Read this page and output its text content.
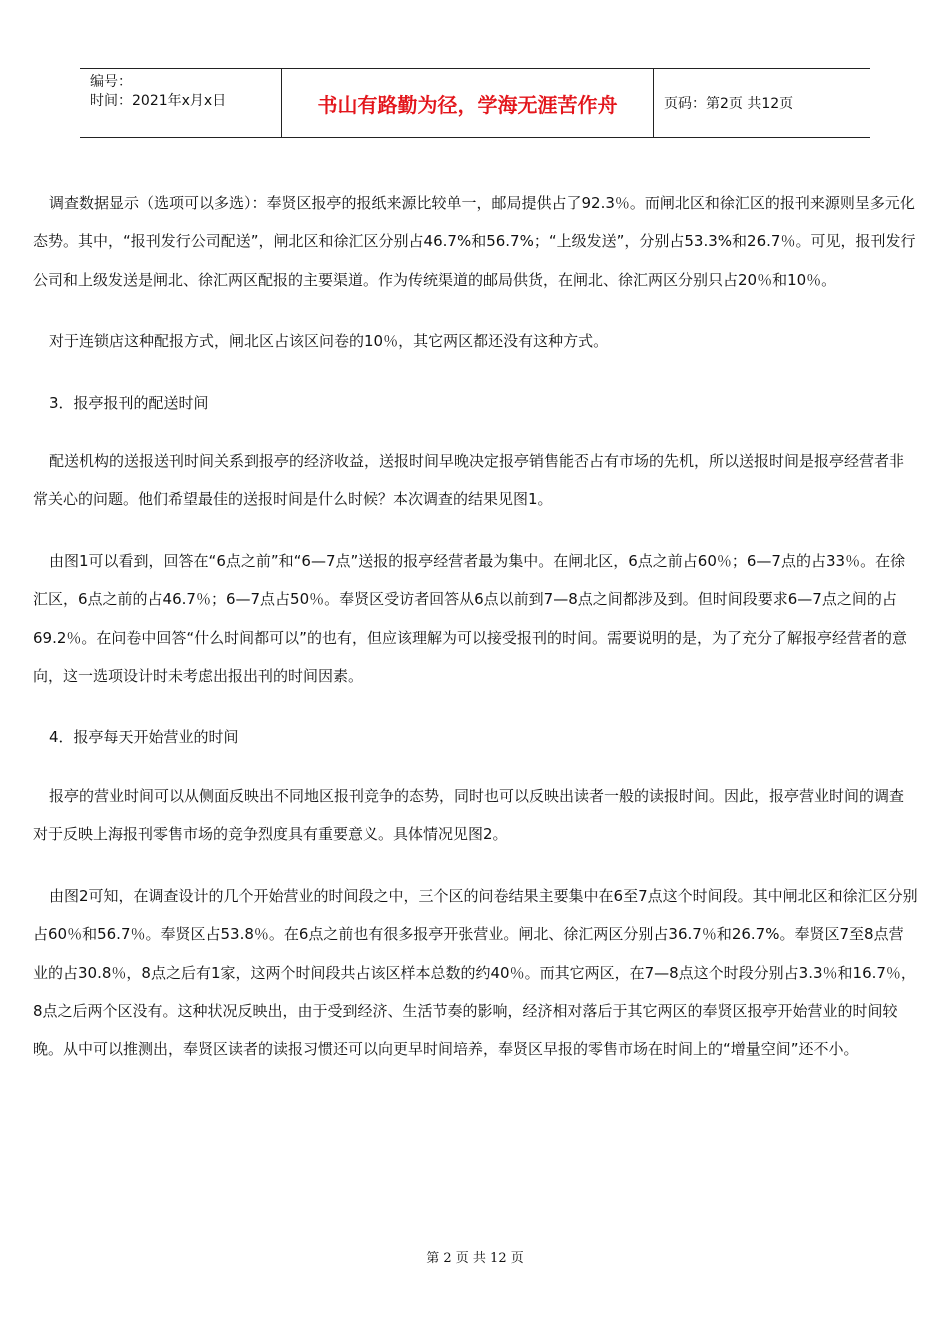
编号：
时间：2021年x月x日	书山有路勤为径，学海无涯苦作舟	页码：第2页 共12页

调查数据显示（选项可以多选）：奉贤区报亭的报纸来源比较单一，邮局提供占了92.3％。而闸北区和徐汇区的报刊来源则呈多元化态势。其中，“报刊发行公司配送”，闸北区和徐汇区分别占46.7%和56.7%；“上级发送”，分别占53.3%和26.7％。可见，报刊发行公司和上级发送是闸北、徐汇两区配报的主要渠道。作为传统渠道的邮局供货，在闸北、徐汇两区分别只占20％和10％。

对于连锁店这种配报方式，闸北区占该区问卷的10％，其它两区都还没有这种方式。

3．报亭报刊的配送时间

配送机构的送报送刊时间关系到报亭的经济收益，送报时间早晚决定报亭销售能否占有市场的先机，所以送报时间是报亭经营者非常关心的问题。他们希望最佳的送报时间是什么时候？本次调查的结果见图1。

由图1可以看到，回答在“6点之前”和“6—7点”送报的报亭经营者最为集中。在闸北区，6点之前占60％；6—7点的占33％。在徐汇区，6点之前的占46.7％；6—7点占50％。奉贤区受访者回答从6点以前到7—8点之间都涉及到。但时间段要求6—7点之间的占69.2％。在问卷中回答“什么时间都可以”的也有，但应该理解为可以接受报刊的时间。需要说明的是，为了充分了解报亭经营者的意向，这一选项设计时未考虑出报出刊的时间因素。

4．报亭每天开始营业的时间

报亭的营业时间可以从侧面反映出不同地区报刊竞争的态势，同时也可以反映出读者一般的读报时间。因此，报亭营业时间的调查对于反映上海报刊零售市场的竞争烈度具有重要意义。具体情况见图2。

由图2可知，在调查设计的几个开始营业的时间段之中，三个区的问卷结果主要集中在6至7点这个时间段。其中闸北区和徐汇区分别占60％和56.7％。奉贤区占53.8％。在6点之前也有很多报亭开张营业。闸北、徐汇两区分别占36.7％和26.7%。奉贤区7至8点营业的占30.8％，8点之后有1家，这两个时间段共占该区样本总数的约40％。而其它两区，在7—8点这个时段分别占3.3％和16.7％，8点之后两个区没有。这种状况反映出，由于受到经济、生活节奏的影响，经济相对落后于其它两区的奉贤区报亭开始营业的时间较晚。从中可以推测出，奉贤区读者的读报习惯还可以向更早时间培养，奉贤区早报的零售市场在时间上的“增量空间”还不小。

第 2 页 共 12 页
